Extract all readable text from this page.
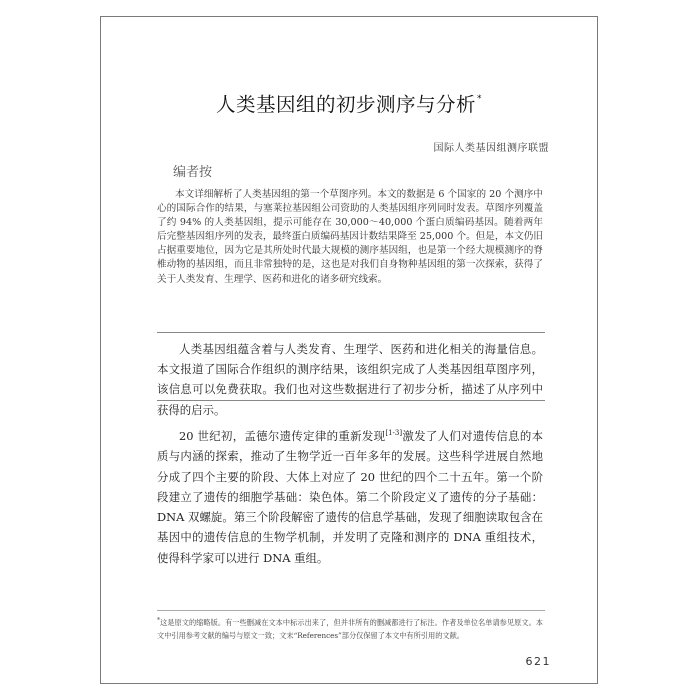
人类基因组的初步测序与分析*
国际人类基因组测序联盟
编者按
本文详细解析了人类基因组的第一个草图序列。本文的数据是 6 个国家的 20 个测序中心的国际合作的结果，与塞莱拉基因组公司资助的人类基因组序列同时发表。草图序列覆盖了约 94% 的人类基因组，提示可能存在 30,000～40,000 个蛋白质编码基因。随着两年后完整基因组序列的发表，最终蛋白质编码基因计数结果降至 25,000 个。但是，本文仍旧占据重要地位，因为它是其所处时代最大规模的测序基因组，也是第一个经大规模测序的脊椎动物的基因组，而且非常独特的是，这也是对我们自身物种基因组的第一次探索，获得了关于人类发育、生理学、医药和进化的诸多研究线索。
人类基因组蕴含着与人类发育、生理学、医药和进化相关的海量信息。本文报道了国际合作组织的测序结果，该组织完成了人类基因组草图序列，该信息可以免费获取。我们也对这些数据进行了初步分析，描述了从序列中获得的启示。
20 世纪初，孟德尔遗传定律的重新发现[1-3]激发了人们对遗传信息的本质与内涵的探索，推动了生物学近一百年多年的发展。这些科学进展自然地分成了四个主要的阶段、大体上对应了 20 世纪的四个二十五年。第一个阶段建立了遗传的细胞学基础：染色体。第二个阶段定义了遗传的分子基础：DNA 双螺旋。第三个阶段解密了遗传的信息学基础，发现了细胞读取包含在基因中的遗传信息的生物学机制，并发明了克隆和测序的 DNA 重组技术，使得科学家可以进行 DNA 重组。
*这是原文的缩略版。有一些删减在文本中标示出来了，但并非所有的删减都进行了标注。作者及单位名单请参见原文。本文中引用参考文献的编号与原文一致；文末“References”部分仅保留了本文中有所引用的文献。
621
